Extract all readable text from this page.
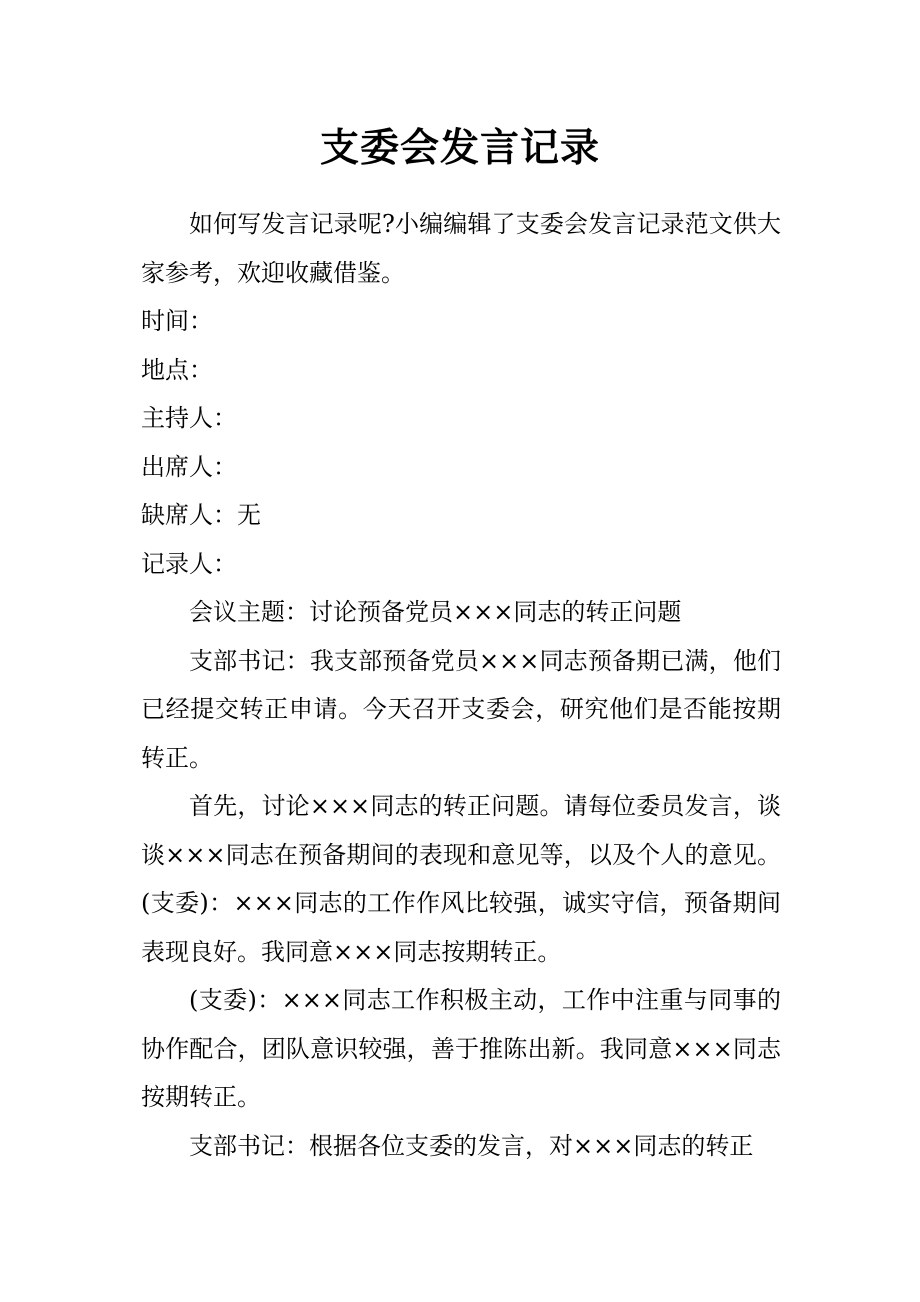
支委会发言记录

如何写发言记录呢?小编编辑了支委会发言记录范文供大家参考，欢迎收藏借鉴。

时间：

地点：

主持人：

出席人：

缺席人：无

记录人：

会议主题：讨论预备党员×××同志的转正问题

支部书记：我支部预备党员×××同志预备期已满，他们已经提交转正申请。今天召开支委会，研究他们是否能按期转正。

首先，讨论×××同志的转正问题。请每位委员发言，谈谈×××同志在预备期间的表现和意见等，以及个人的意见。(支委)：×××同志的工作作风比较强，诚实守信，预备期间表现良好。我同意×××同志按期转正。

(支委)：×××同志工作积极主动，工作中注重与同事的协作配合，团队意识较强，善于推陈出新。我同意×××同志按期转正。

支部书记：根据各位支委的发言，对×××同志的转正
